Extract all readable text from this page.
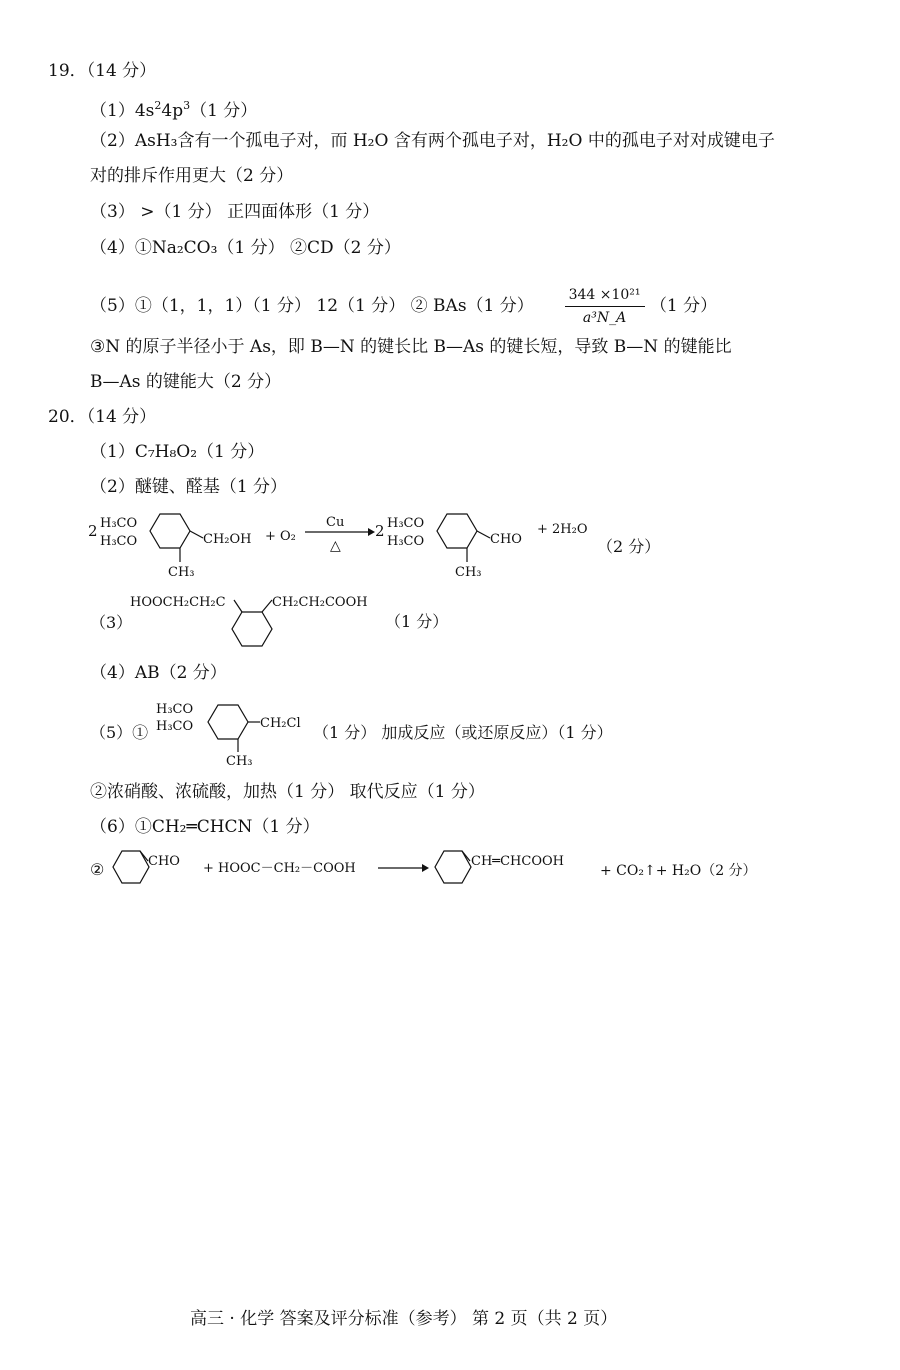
19．（14 分）
$(1)4s^24p^3(1$ 分）
（2）AsH₃含有一个孤电子对，而 H₂O 含有两个孤电子对，H₂O 中的孤电子对对成键电子
对的排斥作用更大（2 分）
（3） >（1 分） 正四面体形（1 分）
（4）①Na₂CO₃（1 分） ②CD（2 分）
（5）①（1，1，1）（1 分） 12（1 分） ② BAs（1 分） $\frac{\text{344 ×10²¹}}{\text{a³N\_A}} (1$ 分）
③N 的原子半径小于 As，即 B—N 的键长比 B—As 的键长短，导致 B—N 的键能比
B—As 的键能大（2 分）
20．（14 分）
（1）C₇H₈O₂（1 分）
（2）醚键、醛基（1 分）
2 H₃CO
H₃CO	CH₂OH
CH₃
+ O₂
Cu
△
2 H₃CO
H₃CO	CHO
CH₃
+ 2H₂O
（2 分）
（3）
HOOCH₂CH₂C	CH₂CH₂COOH
（1 分）
（4）AB（2 分）
（5）①
H₃CO
H₃CO	CH₂Cl
CH₃
（1 分） 加成反应（或还原反应）（1 分）
②浓硝酸、浓硫酸，加热（1 分） 取代反应（1 分）
（6）①CH₂═CHCN（1 分）
②	CHO + HOOC－CH₂－COOH	CH═CHCOOH
+ CO₂↑+ H₂O（2 分）
高三 · 化学 答案及评分标准（参考） 第 2 页（共 2 页）
